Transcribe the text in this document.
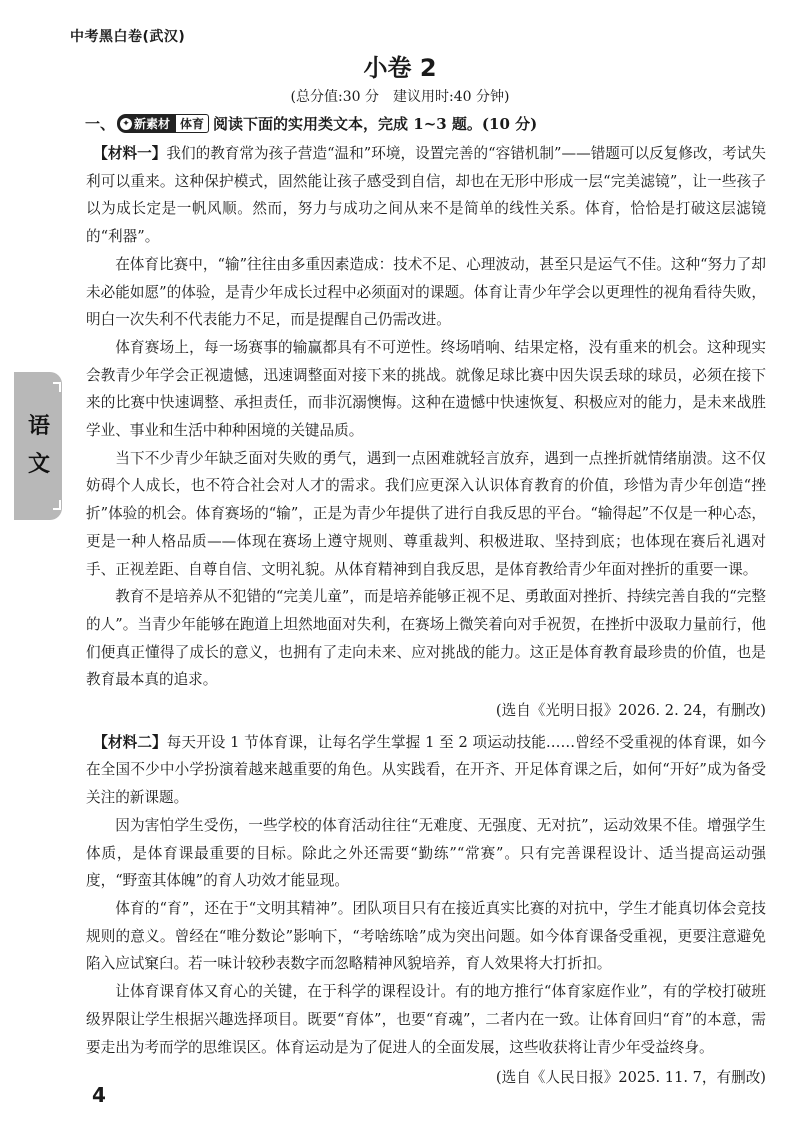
中考黑白卷(武汉)
小卷 2
(总分值:30 分　建议用时:40 分钟)
一、 ✦ 新素材 体育 阅读下面的实用类文本，完成 1~3 题。(10 分)

【材料一】我们的教育常为孩子营造“温和”环境，设置完善的“容错机制”——错题可以反复修改，考试失利可以重来。这种保护模式，固然能让孩子感受到自信，却也在无形中形成一层“完美滤镜”，让一些孩子以为成长定是一帆风顺。然而，努力与成功之间从来不是简单的线性关系。体育，恰恰是打破这层滤镜的“利器”。

在体育比赛中，“输”往往由多重因素造成：技术不足、心理波动，甚至只是运气不佳。这种“努力了却未必能如愿”的体验，是青少年成长过程中必须面对的课题。体育让青少年学会以更理性的视角看待失败，明白一次失利不代表能力不足，而是提醒自己仍需改进。

体育赛场上，每一场赛事的输赢都具有不可逆性。终场哨响、结果定格，没有重来的机会。这种现实会教青少年学会正视遗憾，迅速调整面对接下来的挑战。就像足球比赛中因失误丢球的球员，必须在接下来的比赛中快速调整、承担责任，而非沉溺懊悔。这种在遗憾中快速恢复、积极应对的能力，是未来战胜学业、事业和生活中种种困境的关键品质。

当下不少青少年缺乏面对失败的勇气，遇到一点困难就轻言放弃，遇到一点挫折就情绪崩溃。这不仅妨碍个人成长，也不符合社会对人才的需求。我们应更深入认识体育教育的价值，珍惜为青少年创造“挫折”体验的机会。体育赛场的“输”，正是为青少年提供了进行自我反思的平台。“输得起”不仅是一种心态，更是一种人格品质——体现在赛场上遵守规则、尊重裁判、积极进取、坚持到底；也体现在赛后礼遇对手、正视差距、自尊自信、文明礼貌。从体育精神到自我反思，是体育教给青少年面对挫折的重要一课。

教育不是培养从不犯错的“完美儿童”，而是培养能够正视不足、勇敢面对挫折、持续完善自我的“完整的人”。当青少年能够在跑道上坦然地面对失利，在赛场上微笑着向对手祝贺，在挫折中汲取力量前行，他们便真正懂得了成长的意义，也拥有了走向未来、应对挑战的能力。这正是体育教育最珍贵的价值，也是教育最本真的追求。

(选自《光明日报》2026. 2. 24，有删改)

【材料二】每天开设 1 节体育课，让每名学生掌握 1 至 2 项运动技能……曾经不受重视的体育课，如今在全国不少中小学扮演着越来越重要的角色。从实践看，在开齐、开足体育课之后，如何“开好”成为备受关注的新课题。

因为害怕学生受伤，一些学校的体育活动往往“无难度、无强度、无对抗”，运动效果不佳。增强学生体质，是体育课最重要的目标。除此之外还需要“勤练”“常赛”。只有完善课程设计、适当提高运动强度，“野蛮其体魄”的育人功效才能显现。

体育的“育”，还在于“文明其精神”。团队项目只有在接近真实比赛的对抗中，学生才能真切体会竞技规则的意义。曾经在“唯分数论”影响下，“考啥练啥”成为突出问题。如今体育课备受重视，更要注意避免陷入应试窠臼。若一味计较秒表数字而忽略精神风貌培养，育人效果将大打折扣。

让体育课育体又育心的关键，在于科学的课程设计。有的地方推行“体育家庭作业”，有的学校打破班级界限让学生根据兴趣选择项目。既要“育体”，也要“育魂”，二者内在一致。让体育回归“育”的本意，需要走出为考而学的思维误区。体育运动是为了促进人的全面发展，这些收获将让青少年受益终身。

(选自《人民日报》2025. 11. 7，有删改)
语文
4
